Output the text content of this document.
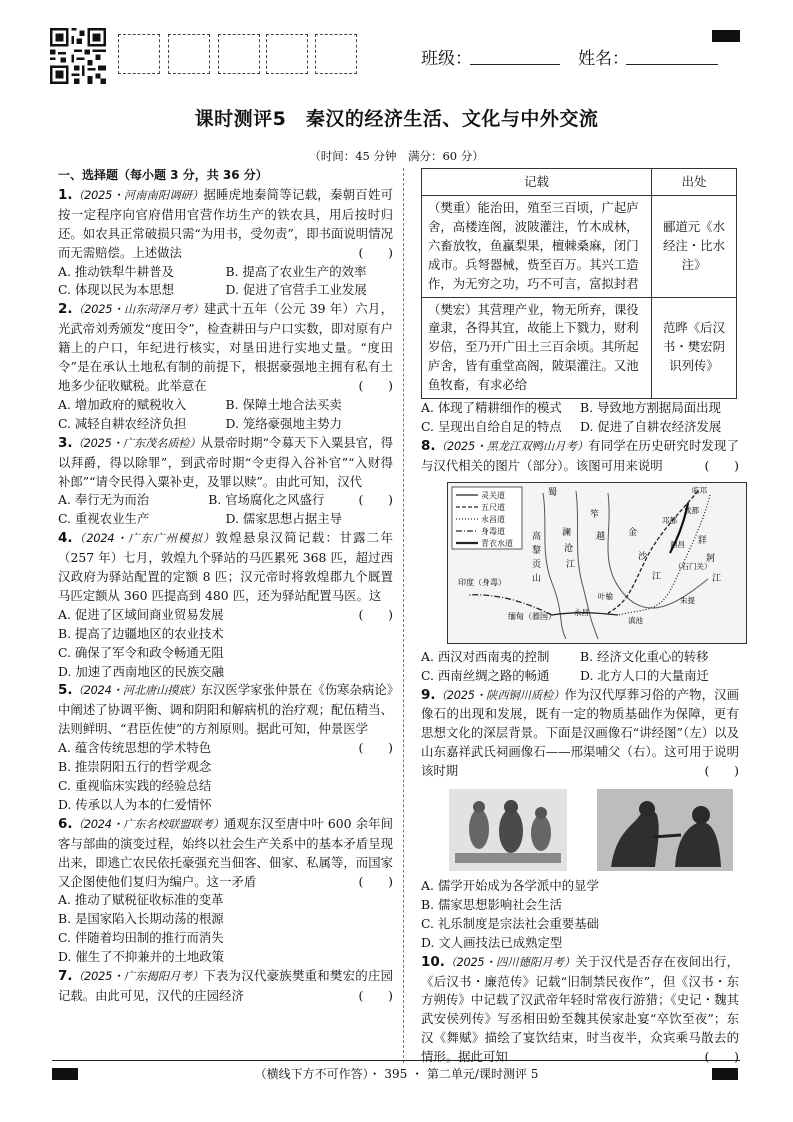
班级：	姓名：
课时测评5　秦汉的经济生活、文化与中外交流
（时间：45 分钟　满分：60 分）
一、选择题（每小题 3 分，共 36 分）
1.（2025・河南南阳调研）据睡虎地秦简等记载，秦朝百姓可按一定程序向官府借用官营作坊生产的铁农具，用后按时归还。如农具正常破损只需“为用书，受勿责”，即书面说明情况而无需赔偿。上述做法	(　　)
A. 推动铁犁牛耕普及	B. 提高了农业生产的效率
C. 体现以民为本思想	D. 促进了官营手工业发展
2.（2025・山东菏泽月考）建武十五年（公元 39 年）六月，光武帝刘秀颁发“度田令”，检查耕田与户口实数，即对原有户籍上的户口，年纪进行核实，对垦田进行实地丈量。“度田令”是在承认土地私有制的前提下，根据豪强地主拥有私有土地多少征收赋税。此举意在	(　　)
A. 增加政府的赋税收入	B. 保障土地合法买卖
C. 减轻自耕农经济负担	D. 笼络豪强地主势力
3.（2025・广东茂名质检）从景帝时期“令募天下入粟县官，得以拜爵，得以除罪”，到武帝时期“令吏得入谷补官”“入财得补郎”“请令民得入粟补吏，及罪以赎”。由此可知，汉代
(　　)
A. 奉行无为而治	B. 官场腐化之风盛行
C. 重视农业生产	D. 儒家思想占据主导
4.（2024・广东广州模拟）敦煌悬泉汉简记载：甘露二年（257 年）七月，敦煌九个驿站的马匹累死 368 匹，超过西汉政府为驿站配置的定额 8 匹；汉元帝时将敦煌郡九个厩置马匹定额从 360 匹提高到 480 匹，还为驿站配置马医。这
(　　)
A. 促进了区域间商业贸易发展
B. 提高了边疆地区的农业技术
C. 确保了军令和政令畅通无阻
D. 加速了西南地区的民族交融
5.（2024・河北唐山摸底）东汉医学家张仲景在《伤寒杂病论》中阐述了协调平衡、调和阴阳和解病机的治疗观；配伍精当、法则鲜明、“君臣佐使”的方剂原则。据此可知，仲景医学
(　　)
A. 蕴含传统思想的学术特色
B. 推崇阴阳五行的哲学观念
C. 重视临床实践的经验总结
D. 传承以人为本的仁爱情怀
6.（2024・广东名校联盟联考）通观东汉至唐中叶 600 余年间客与部曲的演变过程，始终以社会生产关系中的基本矛盾呈现出来，即逃亡农民依托豪强充当佃客、佃家、私属等，而国家又企图使他们复归为编户。这一矛盾	(　　)
A. 推动了赋税征收标准的变革
B. 是国家陷入长期动荡的根源
C. 伴随着均田制的推行而消失
D. 催生了不抑兼并的土地政策
7.（2025・广东揭阳月考）下表为汉代豪族樊重和樊宏的庄园记载。由此可见，汉代的庄园经济	(　　)
记载	出处
（樊重）能治田，殖至三百顷，广起庐舍，高楼连阁，波陂灌注，竹木成林，六畜放牧，鱼蠃梨果，檀棘桑麻，闭门成市。兵弩器械，赀至百万。其兴工造作，为无穷之功，巧不可言，富拟封君	郦道元《水经注・比水注》
（樊宏）其营理产业，物无所弃，课役童隶，各得其宜，故能上下戮力，财利岁倍，至乃开广田土三百余顷。其所起庐舍，皆有重堂高阁，陂渠灌注。又池鱼牧畜，有求必给	范晔《后汉书・樊宏阴识列传》
A. 体现了精耕细作的模式	B. 导致地方割据局面出现
C. 呈现出自给自足的特点	D. 促进了自耕农经济发展
8.（2025・黑龙江双鸭山月考）有同学在历史研究时发现了与汉代相关的图片（部分）。该图可用来说明	(　　)
灵关道
五尺道
永昌道
身毒道
青衣水道
蜀
笮
越	金
沙
江
高
黎
贡
山
澜
沧
江
牂
牁
江
永昌
叶榆
滇池
朱提
成都
临邛
邛都
（石门关）
西昌
印度（身毒）
缅甸（骠国）
A. 西汉对西南夷的控制	B. 经济文化重心的转移
C. 西南丝绸之路的畅通	D. 北方人口的大量南迁
9.（2025・陕西铜川质检）作为汉代厚葬习俗的产物，汉画像石的出现和发展，既有一定的物质基础作为保障，更有思想文化的深层背景。下面是汉画像石“讲经图”（左）以及山东嘉祥武氏祠画像石——邢渠哺父（右）。这可用于说明该时期	(　　)
A. 儒学开始成为各学派中的显学
B. 儒家思想影响社会生活
C. 礼乐制度是宗法社会重要基础
D. 文人画技法已成熟定型
10.（2025・四川德阳月考）关于汉代是否存在夜间出行，《后汉书・廉范传》记载“旧制禁民夜作”，但《汉书・东方朔传》中记载了汉武帝年轻时常夜行游猎；《史记・魏其武安侯列传》写丞相田蚡至魏其侯家赴宴“卒饮至夜”；东汉《舞赋》描绘了宴饮结束，时当夜半，众宾乘马散去的情形。据此可知	(　　)
（横线下方不可作答）・ 395 ・ 第二单元/课时测评 5
